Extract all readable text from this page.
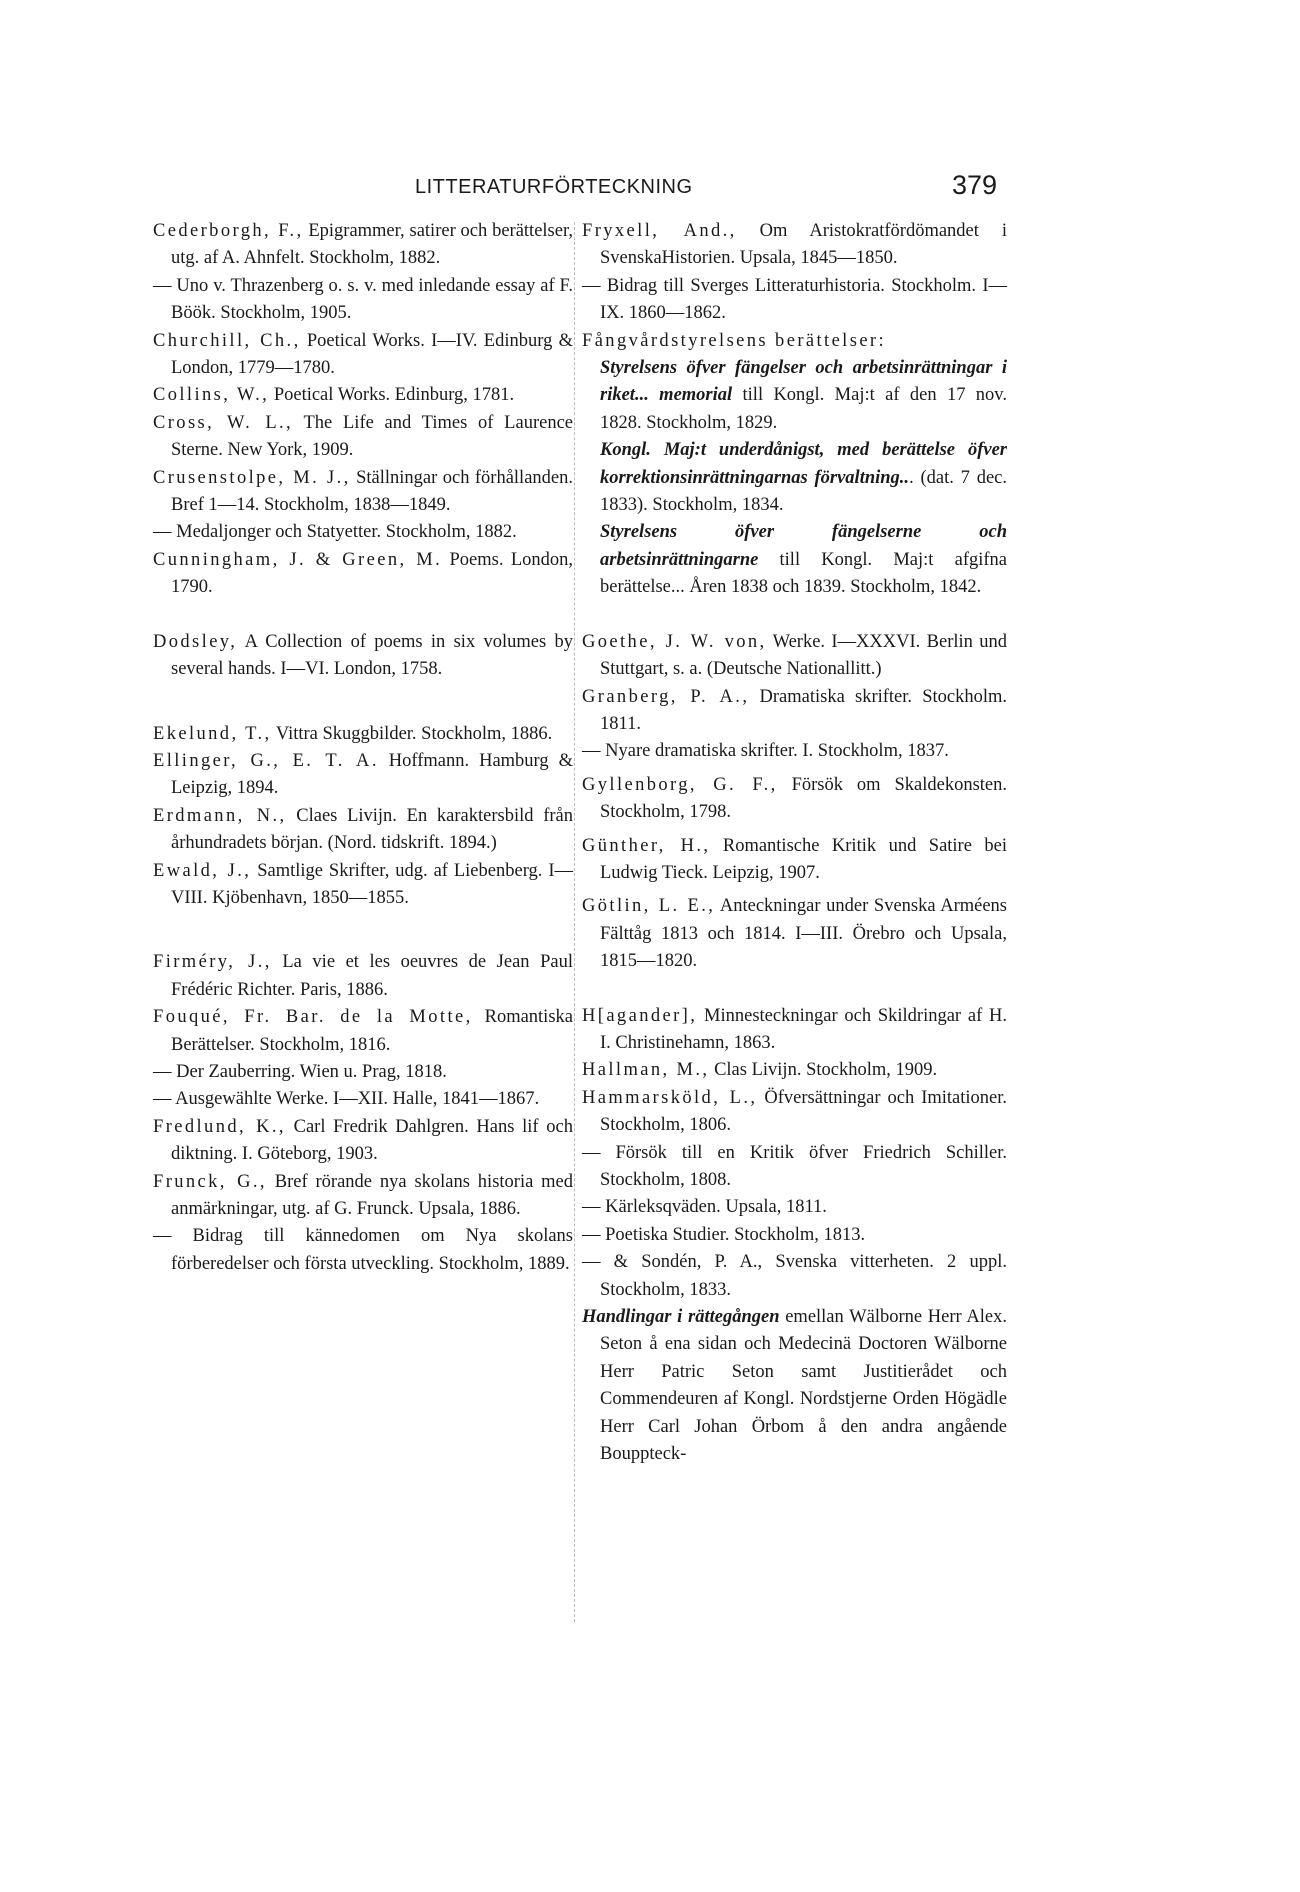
LITTERATURFÖRTECKNING	379
Cederborgh, F., Epigrammer, satirer och berättelser, utg. af A. Ahnfelt. Stockholm, 1882.
— Uno v. Thrazenberg o. s. v. med inledande essay af F. Böök. Stockholm, 1905.
Churchill, Ch., Poetical Works. I—IV. Edinburg & London, 1779—1780.
Collins, W., Poetical Works. Edinburg, 1781.
Cross, W. L., The Life and Times of Laurence Sterne. New York, 1909.
Crusenstolpe, M. J., Ställningar och förhållanden. Bref 1—14. Stockholm, 1838—1849.
— Medaljonger och Statyetter. Stockholm, 1882.
Cunningham, J. & Green, M. Poems. London, 1790.
Dodsley, A Collection of poems in six volumes by several hands. I—VI. London, 1758.
Ekelund, T., Vittra Skuggbilder. Stockholm, 1886.
Ellinger, G., E. T. A. Hoffmann. Hamburg & Leipzig, 1894.
Erdmann, N., Claes Livijn. En karaktersbild från århundradets början. (Nord. tidskrift. 1894.)
Ewald, J., Samtlige Skrifter, udg. af Liebenberg. I—VIII. Kjöbenhavn, 1850—1855.
Firméry, J., La vie et les oeuvres de Jean Paul Frédéric Richter. Paris, 1886.
Fouqué, Fr. Bar. de la Motte, Romantiska Berättelser. Stockholm, 1816.
— Der Zauberring. Wien u. Prag, 1818.
— Ausgewählte Werke. I—XII. Halle, 1841—1867.
Fredlund, K., Carl Fredrik Dahlgren. Hans lif och diktning. I. Göteborg, 1903.
Frunck, G., Bref rörande nya skolans historia med anmärkningar, utg. af G. Frunck. Upsala, 1886.
— Bidrag till kännedomen om Nya skolans förberedelser och första utveckling. Stockholm, 1889.
Fryxell, And., Om Aristokratfördömandet i SvenskaHistorien. Upsala, 1845—1850.
— Bidrag till Sverges Litteraturhistoria. Stockholm. I—IX. 1860—1862.
Fångvårdstyrelsens berättelser:
Styrelsens öfver fängelser och arbetsinrättningar i riket... memorial till Kongl. Maj:t af den 17 nov. 1828. Stockholm, 1829.
Kongl. Maj:t underdånigst, med berättelse öfver korrektionsinrättningarnas förvaltning... (dat. 7 dec. 1833). Stockholm, 1834.
Styrelsens öfver fängelserne och arbetsinrättningarne till Kongl. Maj:t afgifna berättelse... Åren 1838 och 1839. Stockholm, 1842.
Goethe, J. W. von, Werke. I—XXXVI. Berlin und Stuttgart, s. a. (Deutsche Nationallitt.)
Granberg, P. A., Dramatiska skrifter. Stockholm. 1811.
— Nyare dramatiska skrifter. I. Stockholm, 1837.
Gyllenborg, G. F., Försök om Skaldekonsten. Stockholm, 1798.
Günther, H., Romantische Kritik und Satire bei Ludwig Tieck. Leipzig, 1907.
Götlin, L. E., Anteckningar under Svenska Arméens Fälttåg 1813 och 1814. I—III. Örebro och Upsala, 1815—1820.
H[agander], Minnesteckningar och Skildringar af H. I. Christinehamn, 1863.
Hallman, M., Clas Livijn. Stockholm, 1909.
Hammarsköld, L., Öfversättningar och Imitationer. Stockholm, 1806.
— Försök till en Kritik öfver Friedrich Schiller. Stockholm, 1808.
— Kärleksqväden. Upsala, 1811.
— Poetiska Studier. Stockholm, 1813.
— & Sondén, P. A., Svenska vitterheten. 2 uppl. Stockholm, 1833.
Handlingar i rättegången emellan Wälborne Herr Alex. Seton å ena sidan och Medecinä Doctoren Wälborne Herr Patric Seton samt Justitierådet och Commendeuren af Kongl. Nordstjerne Orden Högädle Herr Carl Johan Örbom å den andra angående Bouppteck-
